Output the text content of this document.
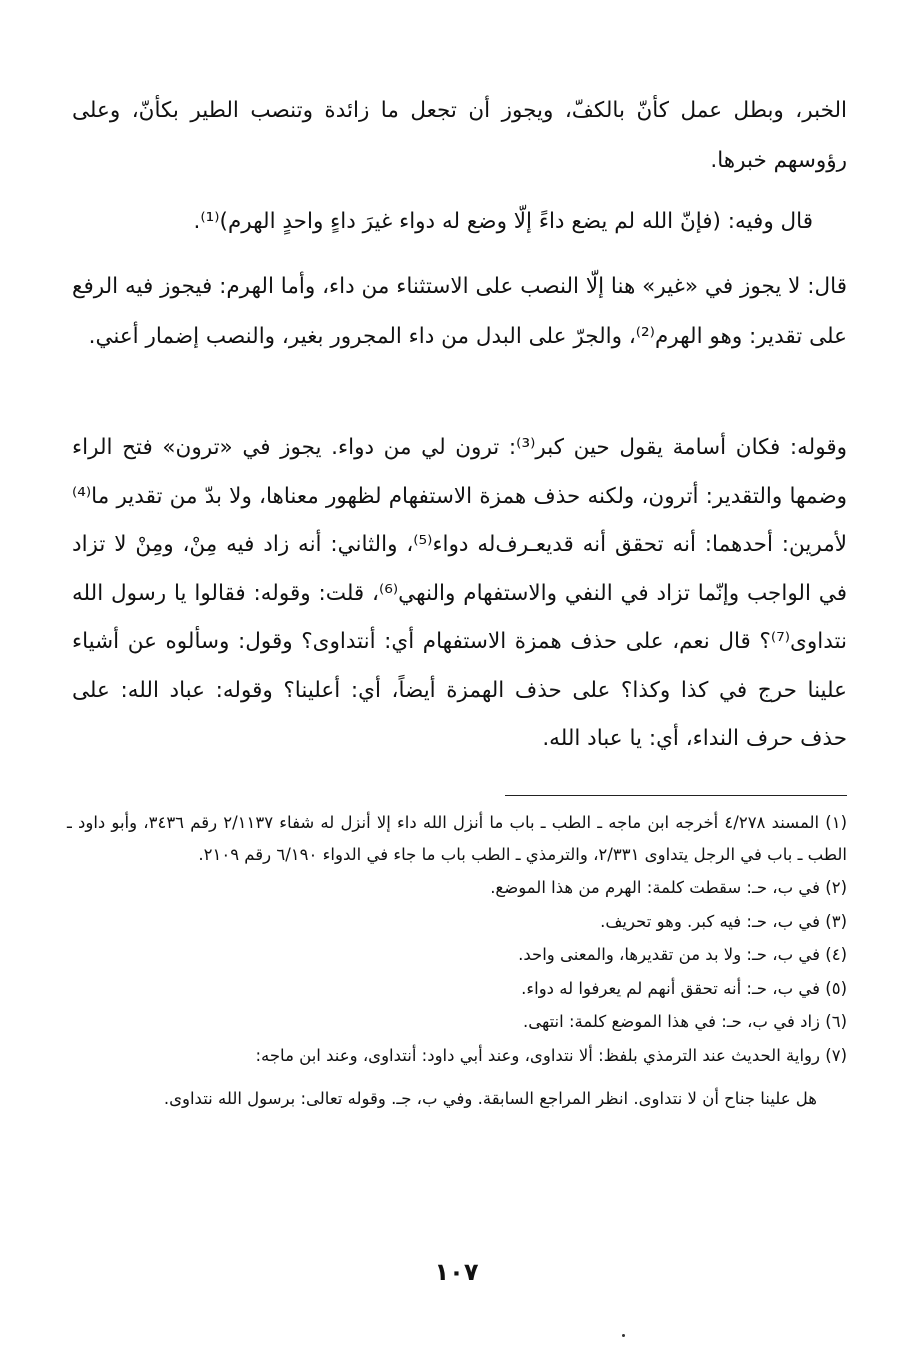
الخبر، وبطل عمل كأنّ بالكفّ، ويجوز أن تجعل ما زائدة وتنصب الطير بكأنّ، وعلى رؤوسهم خبرها.

قال وفيه: (فإنّ الله لم يضع داءً إلّا وضع له دواء غيرَ داءٍ واحدٍ الهرم)⁽¹⁾.

قال: لا يجوز في «غير» هنا إلّا النصب على الاستثناء من داء، وأما الهرم: فيجوز فيه الرفع على تقدير: وهو الهرم⁽²⁾، والجرّ على البدل من داء المجرور بغير، والنصب إضمار أعني.

وقوله: فكان أسامة يقول حين كبر⁽³⁾: ترون لي من دواء. يجوز في «ترون» فتح الراء وضمها والتقدير: أترون، ولكنه حذف همزة الاستفهام لظهور معناها، ولا بدّ من تقدير ما⁽⁴⁾ لأمرين: أحدهما: أنه تحقق أنه قديعـرف‌له دواء⁽⁵⁾، والثاني: أنه زاد فيه مِنْ، ومِنْ لا تزاد في الواجب وإنّما تزاد في النفي والاستفهام والنهي⁽⁶⁾، قلت: وقوله: فقالوا يا رسول الله نتداوى⁽⁷⁾؟ قال نعم، على حذف همزة الاستفهام أي: أنتداوى؟ وقول: وسألوه عن أشياء علينا حرج في كذا وكذا؟ على حذف الهمزة أيضاً، أي: أعلينا؟ وقوله: عباد الله: على حذف حرف النداء، أي: يا عباد الله.

(١) المسند ٤/٢٧٨ أخرجه ابن ماجه ـ الطب ـ باب ما أنزل الله داء إلا أنزل له شفاء ٢/١١٣٧ رقم ٣٤٣٦، وأبو داود ـ الطب ـ باب في الرجل يتداوى ٢/٣٣١، والترمذي ـ الطب باب ما جاء في الدواء ٦/١٩٠ رقم ٢١٠٩.

(٢) في ب، حـ: سقطت كلمة: الهرم من هذا الموضع.

(٣) في ب، حـ: فيه كبر. وهو تحريف.

(٤) في ب، حـ: ولا بد من تقديرها، والمعنى واحد.

(٥) في ب، حـ: أنه تحقق أنهم لم يعرفوا له دواء.

(٦) زاد في ب، حـ: في هذا الموضع كلمة: انتهى.

(٧) رواية الحديث عند الترمذي بلفظ: ألا نتداوى، وعند أبي داود: أنتداوى، وعند ابن ماجه:

هل علينا جناح أن لا نتداوى. انظر المراجع السابقة. وفي ب، جـ. وقوله تعالى: برسول الله نتداوى.

١٠٧
